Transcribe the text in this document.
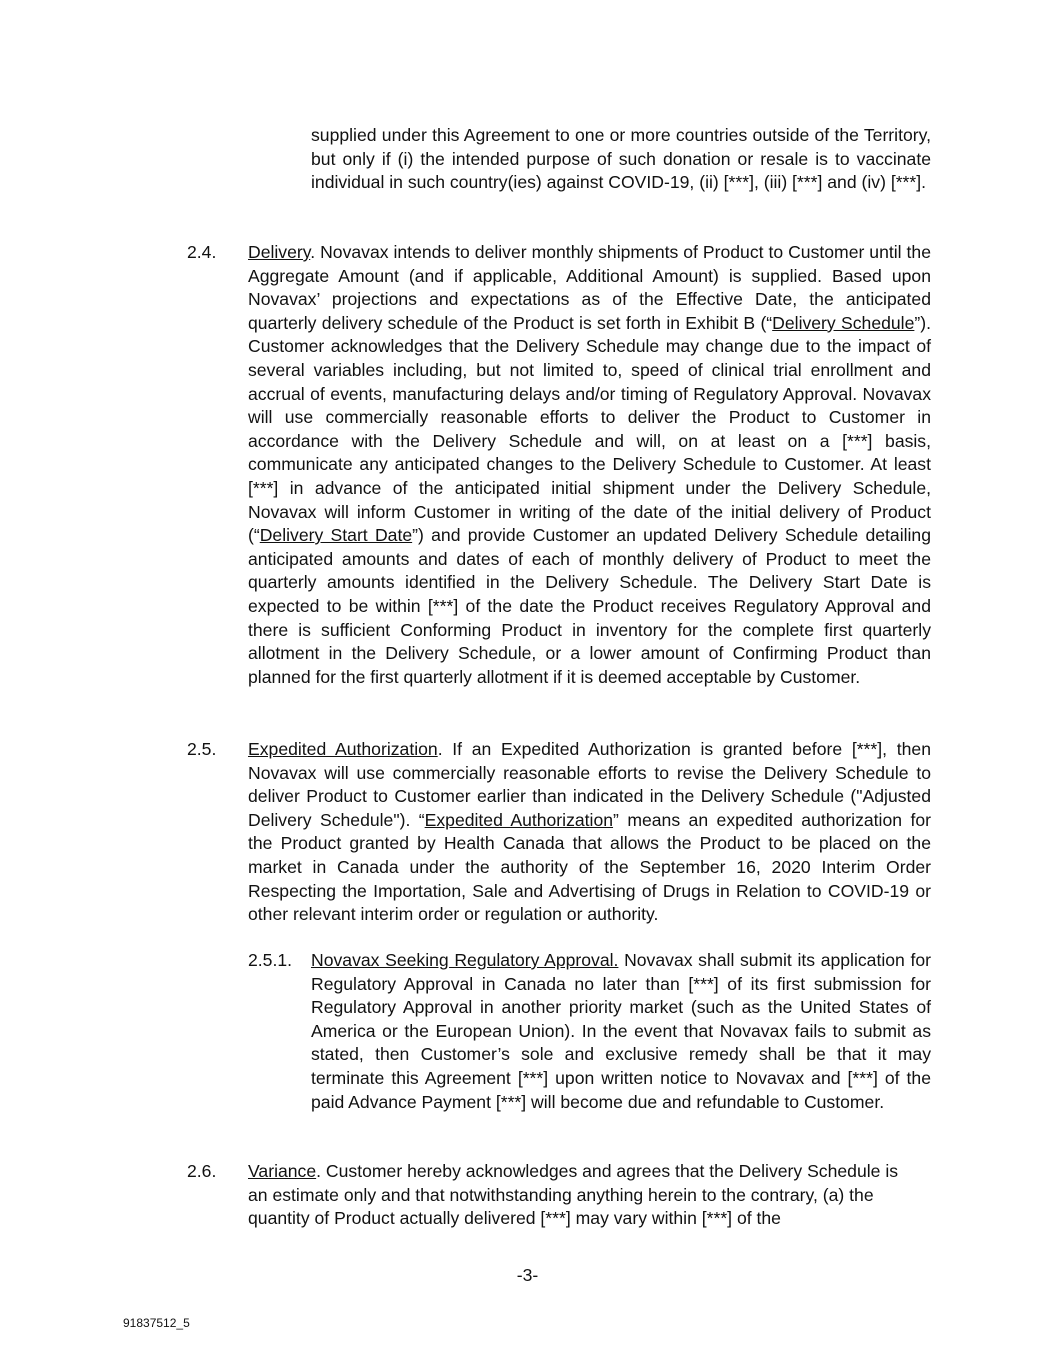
supplied under this Agreement to one or more countries outside of the Territory, but only if (i) the intended purpose of such donation or resale is to vaccinate individual in such country(ies) against COVID-19, (ii) [***], (iii) [***] and (iv) [***].
2.4. Delivery. Novavax intends to deliver monthly shipments of Product to Customer until the Aggregate Amount (and if applicable, Additional Amount) is supplied. Based upon Novavax’ projections and expectations as of the Effective Date, the anticipated quarterly delivery schedule of the Product is set forth in Exhibit B (“Delivery Schedule”). Customer acknowledges that the Delivery Schedule may change due to the impact of several variables including, but not limited to, speed of clinical trial enrollment and accrual of events, manufacturing delays and/or timing of Regulatory Approval. Novavax will use commercially reasonable efforts to deliver the Product to Customer in accordance with the Delivery Schedule and will, on at least on a [***] basis, communicate any anticipated changes to the Delivery Schedule to Customer. At least [***] in advance of the anticipated initial shipment under the Delivery Schedule, Novavax will inform Customer in writing of the date of the initial delivery of Product (“Delivery Start Date”) and provide Customer an updated Delivery Schedule detailing anticipated amounts and dates of each of monthly delivery of Product to meet the quarterly amounts identified in the Delivery Schedule. The Delivery Start Date is expected to be within [***] of the date the Product receives Regulatory Approval and there is sufficient Conforming Product in inventory for the complete first quarterly allotment in the Delivery Schedule, or a lower amount of Confirming Product than planned for the first quarterly allotment if it is deemed acceptable by Customer.
2.5. Expedited Authorization. If an Expedited Authorization is granted before [***], then Novavax will use commercially reasonable efforts to revise the Delivery Schedule to deliver Product to Customer earlier than indicated in the Delivery Schedule ("Adjusted Delivery Schedule"). “Expedited Authorization” means an expedited authorization for the Product granted by Health Canada that allows the Product to be placed on the market in Canada under the authority of the September 16, 2020 Interim Order Respecting the Importation, Sale and Advertising of Drugs in Relation to COVID-19 or other relevant interim order or regulation or authority.
2.5.1. Novavax Seeking Regulatory Approval. Novavax shall submit its application for Regulatory Approval in Canada no later than [***] of its first submission for Regulatory Approval in another priority market (such as the United States of America or the European Union). In the event that Novavax fails to submit as stated, then Customer’s sole and exclusive remedy shall be that it may terminate this Agreement [***] upon written notice to Novavax and [***] of the paid Advance Payment [***] will become due and refundable to Customer.
2.6. Variance. Customer hereby acknowledges and agrees that the Delivery Schedule is an estimate only and that notwithstanding anything herein to the contrary, (a) the quantity of Product actually delivered [***] may vary within [***] of the
-3-
91837512_5
